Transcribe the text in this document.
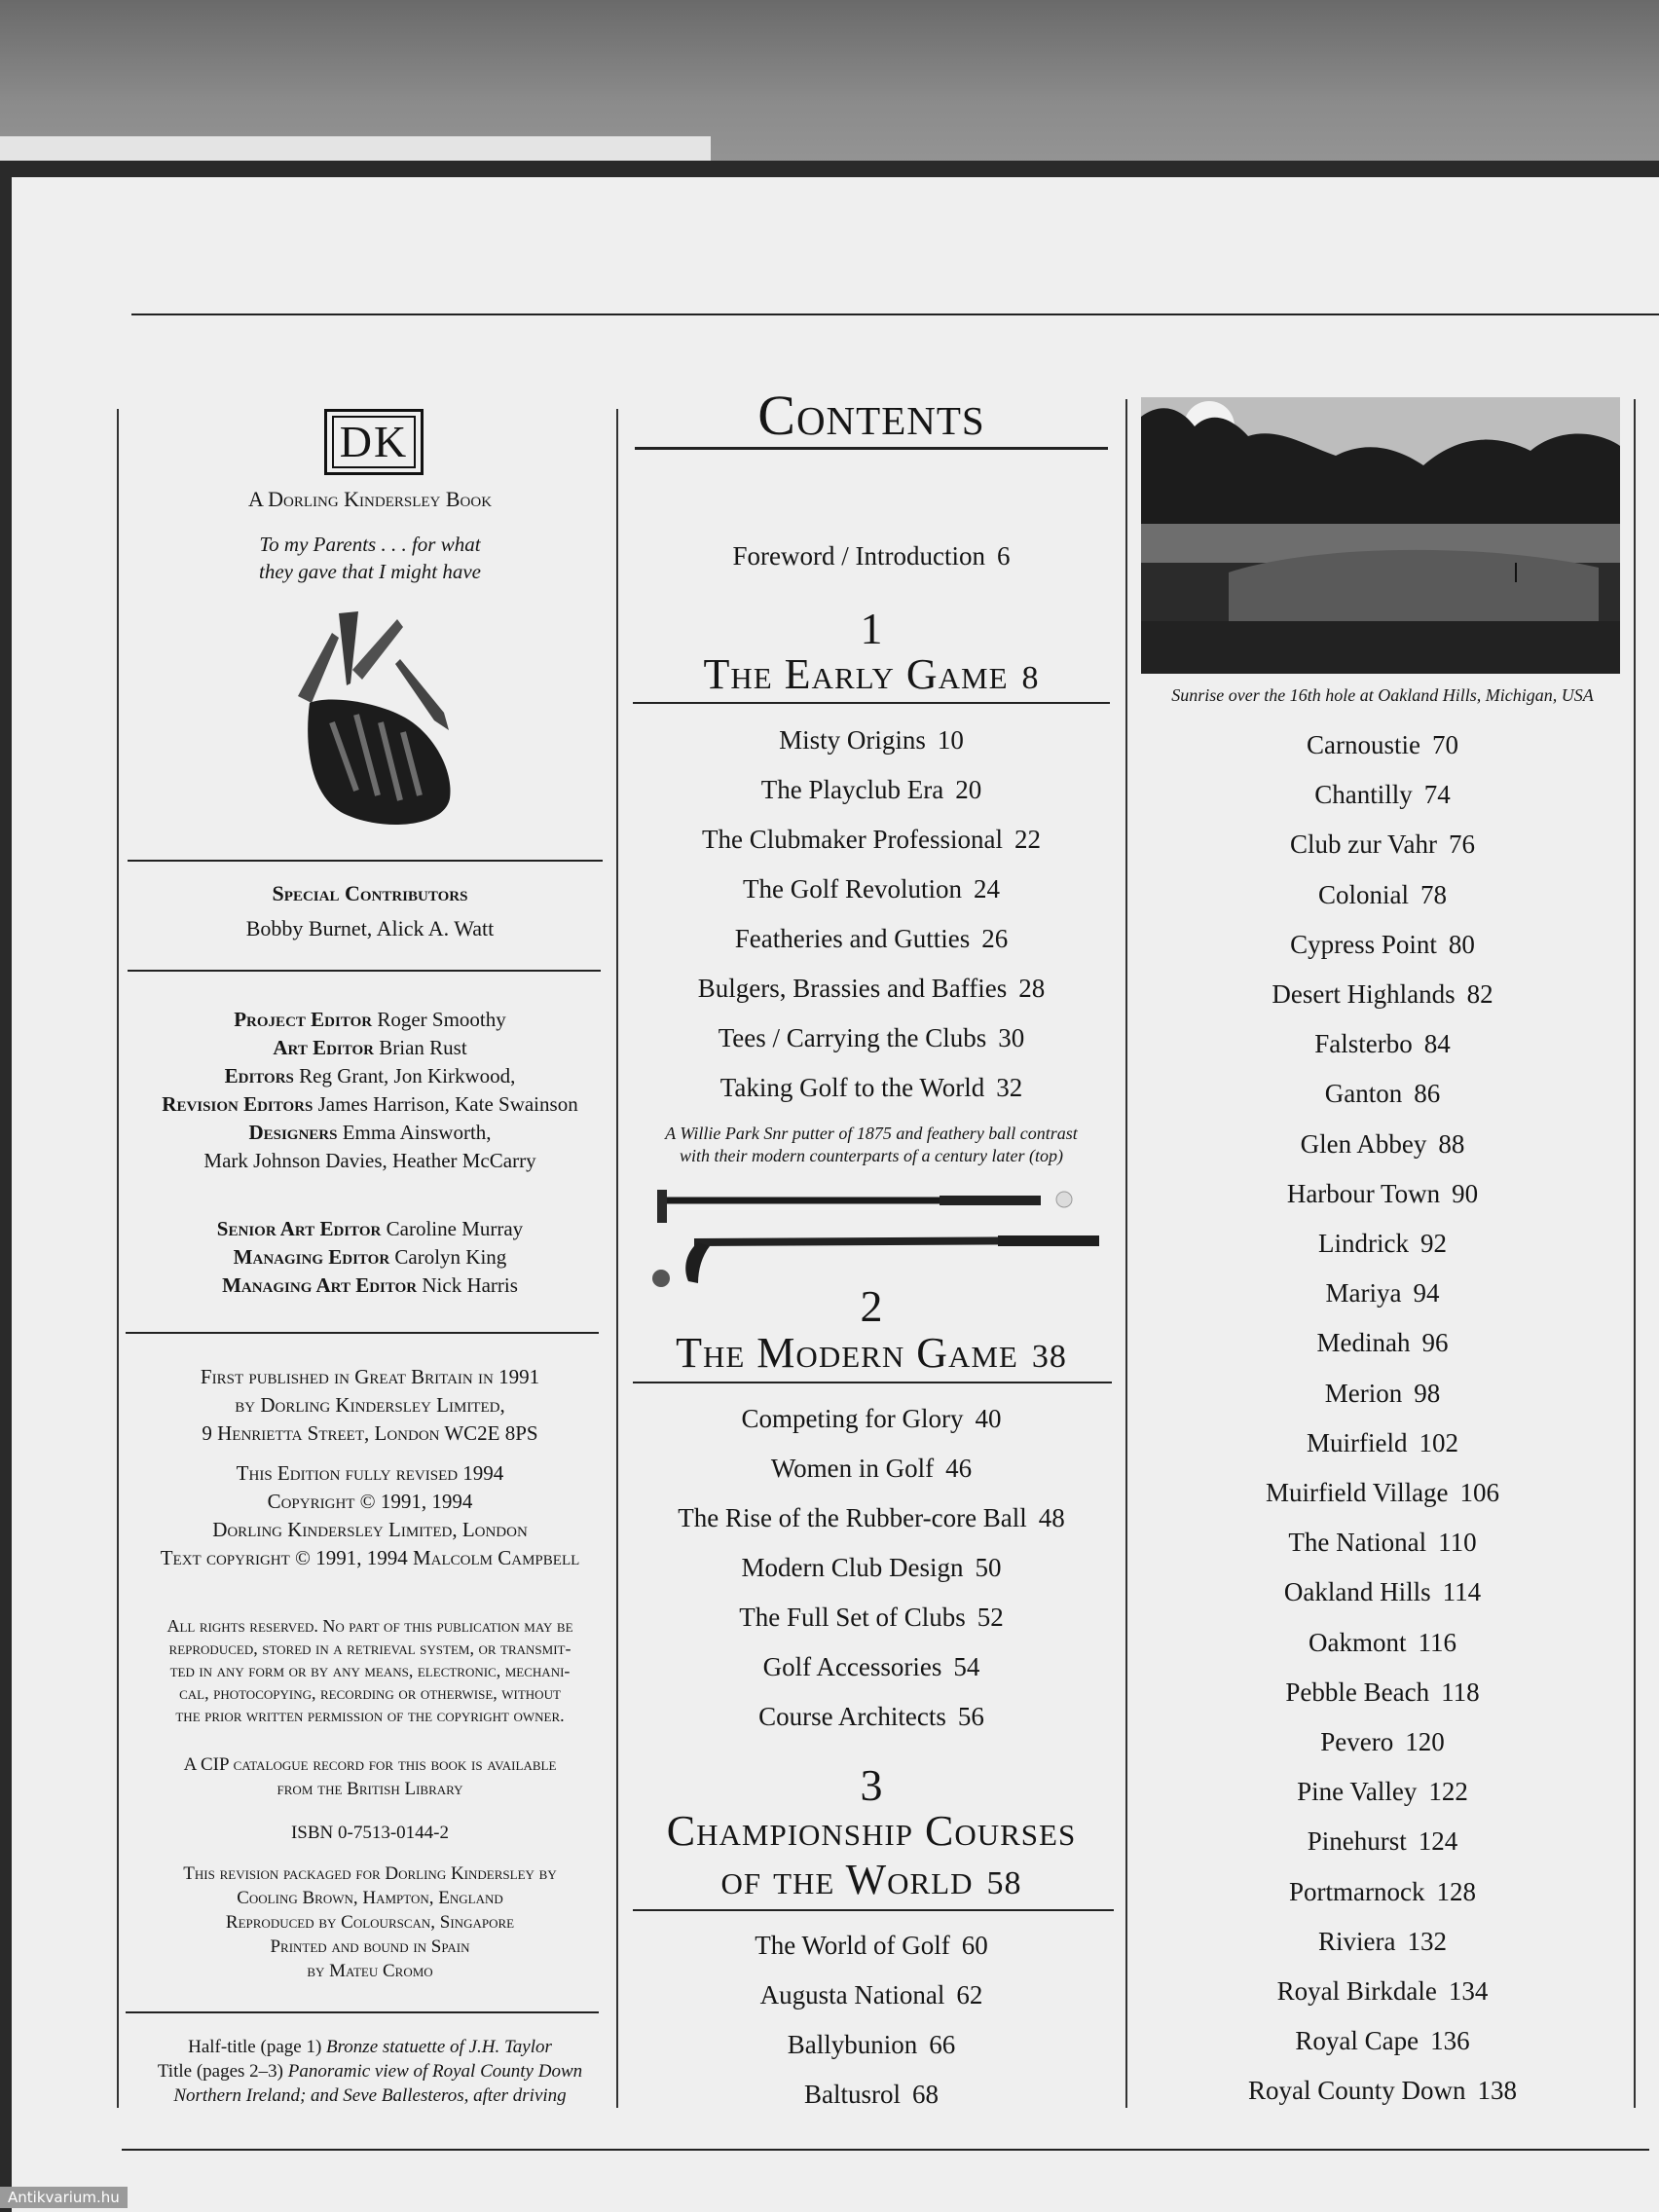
DK
A Dorling Kindersley Book
To my Parents . . . for what
they gave that I might have
Special Contributors
Bobby Burnet, Alick A. Watt
Project Editor Roger Smoothy
Art Editor Brian Rust
Editors Reg Grant, Jon Kirkwood,
Revision Editors James Harrison, Kate Swainson
Designers Emma Ainsworth,
Mark Johnson Davies, Heather McCarry
Senior Art Editor Caroline Murray
Managing Editor Carolyn King
Managing Art Editor Nick Harris
First published in Great Britain in 1991
by Dorling Kindersley Limited,
9 Henrietta Street, London WC2E 8PS
This Edition fully revised 1994
Copyright © 1991, 1994
Dorling Kindersley Limited, London
Text copyright © 1991, 1994 Malcolm Campbell
All rights reserved. No part of this publication may be
reproduced, stored in a retrieval system, or transmit-
ted in any form or by any means, electronic, mechani-
cal, photocopying, recording or otherwise, without
the prior written permission of the copyright owner.
A CIP catalogue record for this book is available
from the British Library
ISBN 0-7513-0144-2
This revision packaged for Dorling Kindersley by
Cooling Brown, Hampton, England
Reproduced by Colourscan, Singapore
Printed and bound in Spain
by Mateu Cromo
Half-title (page 1) Bronze statuette of J.H. Taylor
Title (pages 2–3) Panoramic view of Royal County Down
Northern Ireland; and Seve Ballesteros, after driving
Contents
Foreword / Introduction 6
1
The Early Game 8
Misty Origins 10
The Playclub Era 20
The Clubmaker Professional 22
The Golf Revolution 24
Featheries and Gutties 26
Bulgers, Brassies and Baffies 28
Tees / Carrying the Clubs 30
Taking Golf to the World 32
A Willie Park Snr putter of 1875 and feathery ball contrast
with their modern counterparts of a century later (top)
2
The Modern Game 38
Competing for Glory 40
Women in Golf 46
The Rise of the Rubber-core Ball 48
Modern Club Design 50
The Full Set of Clubs 52
Golf Accessories 54
Course Architects 56
3
Championship Courses
of the World 58
The World of Golf 60
Augusta National 62
Ballybunion 66
Baltusrol 68
Sunrise over the 16th hole at Oakland Hills, Michigan, USA
Carnoustie 70
Chantilly 74
Club zur Vahr 76
Colonial 78
Cypress Point 80
Desert Highlands 82
Falsterbo 84
Ganton 86
Glen Abbey 88
Harbour Town 90
Lindrick 92
Mariya 94
Medinah 96
Merion 98
Muirfield 102
Muirfield Village 106
The National 110
Oakland Hills 114
Oakmont 116
Pebble Beach 118
Pevero 120
Pine Valley 122
Pinehurst 124
Portmarnock 128
Riviera 132
Royal Birkdale 134
Royal Cape 136
Royal County Down 138
Antikvarium.hu
